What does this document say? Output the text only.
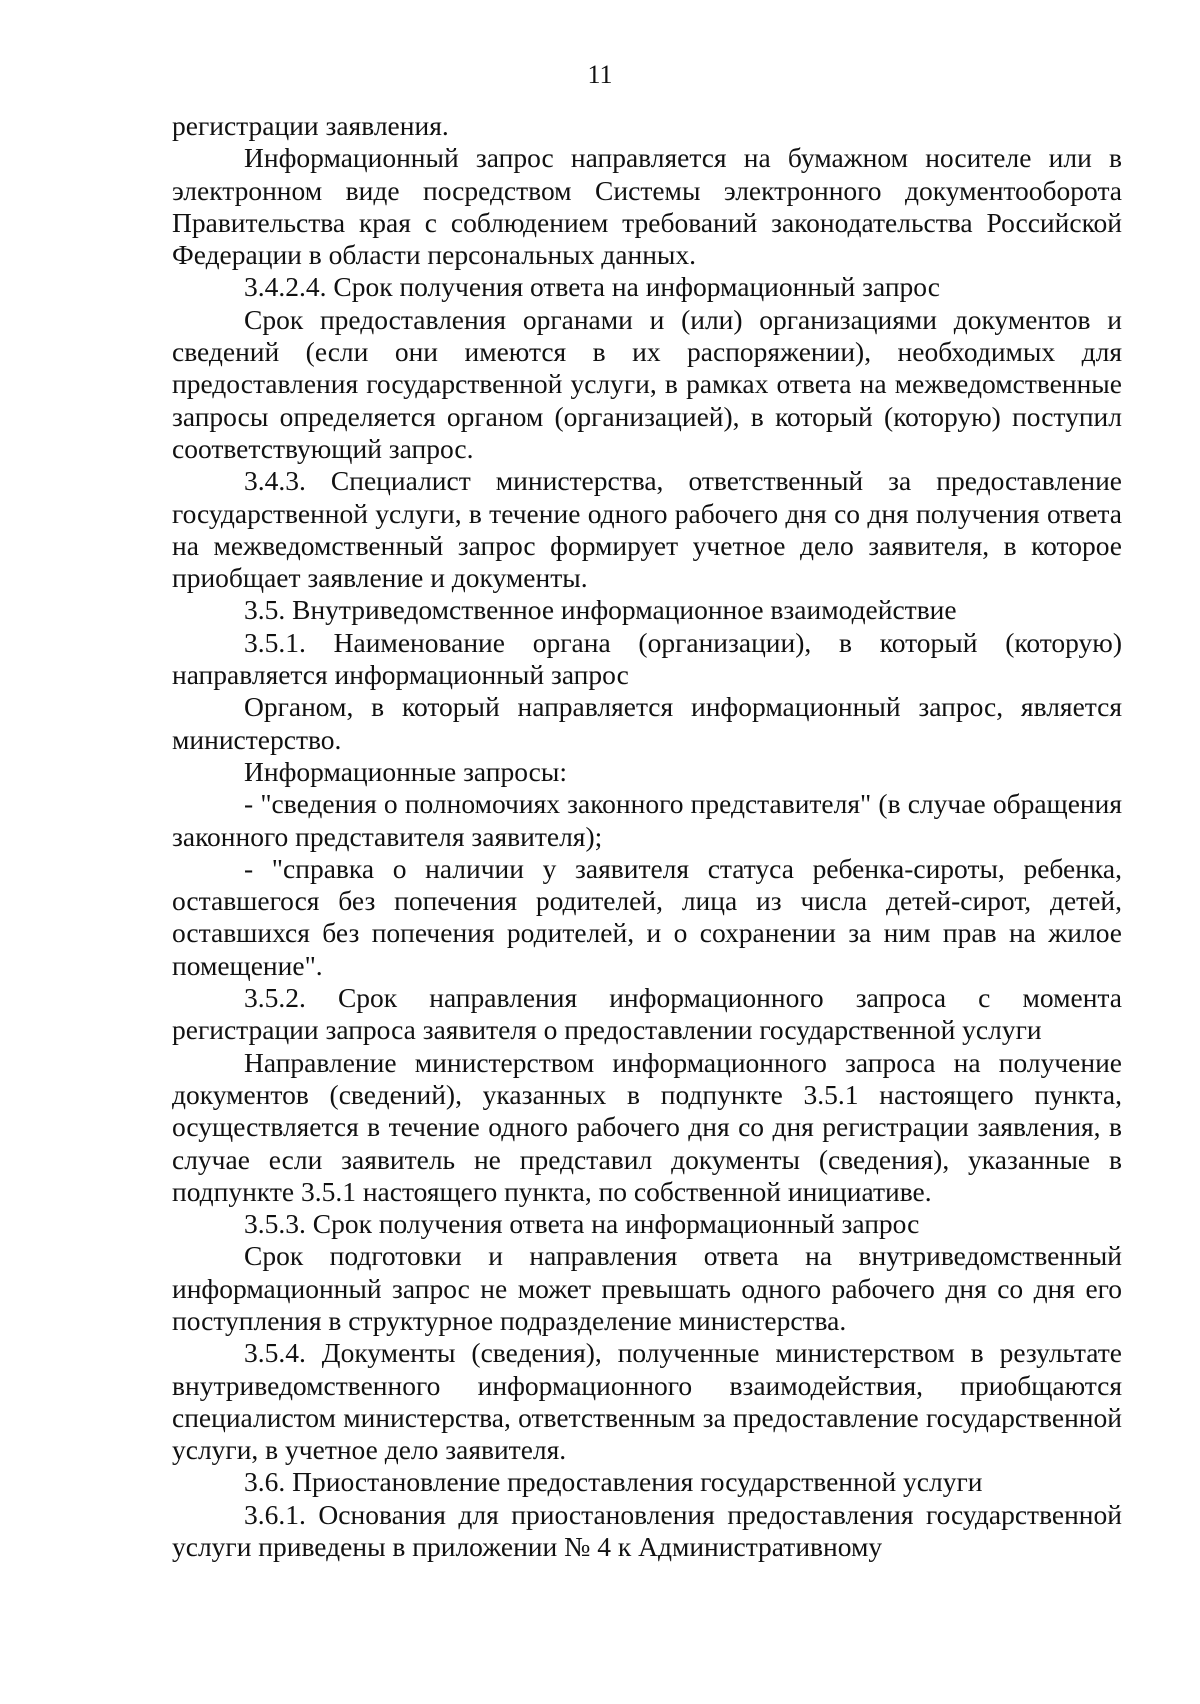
11

регистрации заявления.

Информационный запрос направляется на бумажном носителе или в электронном виде посредством Системы электронного документооборота Правительства края с соблюдением требований законодательства Российской Федерации в области персональных данных.

3.4.2.4. Срок получения ответа на информационный запрос

Срок предоставления органами и (или) организациями документов и сведений (если они имеются в их распоряжении), необходимых для предоставления государственной услуги, в рамках ответа на межведомственные запросы определяется органом (организацией), в который (которую) поступил соответствующий запрос.

3.4.3. Специалист министерства, ответственный за предоставление государственной услуги, в течение одного рабочего дня со дня получения ответа на межведомственный запрос формирует учетное дело заявителя, в которое приобщает заявление и документы.

3.5. Внутриведомственное информационное взаимодействие

3.5.1. Наименование органа (организации), в который (которую) направляется информационный запрос

Органом, в который направляется информационный запрос, является министерство.

Информационные запросы:

- "сведения о полномочиях законного представителя" (в случае обращения законного представителя заявителя);

- "справка о наличии у заявителя статуса ребенка-сироты, ребенка, оставшегося без попечения родителей, лица из числа детей-сирот, детей, оставшихся без попечения родителей, и о сохранении за ним прав на жилое помещение".

3.5.2. Срок направления информационного запроса с момента регистрации запроса заявителя о предоставлении государственной услуги

Направление министерством информационного запроса на получение документов (сведений), указанных в подпункте 3.5.1 настоящего пункта, осуществляется в течение одного рабочего дня со дня регистрации заявления, в случае если заявитель не представил документы (сведения), указанные в подпункте 3.5.1 настоящего пункта, по собственной инициативе.

3.5.3. Срок получения ответа на информационный запрос

Срок подготовки и направления ответа на внутриведомственный информационный запрос не может превышать одного рабочего дня со дня его поступления в структурное подразделение министерства.

3.5.4. Документы (сведения), полученные министерством в результате внутриведомственного информационного взаимодействия, приобщаются специалистом министерства, ответственным за предоставление государственной услуги, в учетное дело заявителя.

3.6. Приостановление предоставления государственной услуги

3.6.1. Основания для приостановления предоставления государственной услуги приведены в приложении № 4 к Административному
